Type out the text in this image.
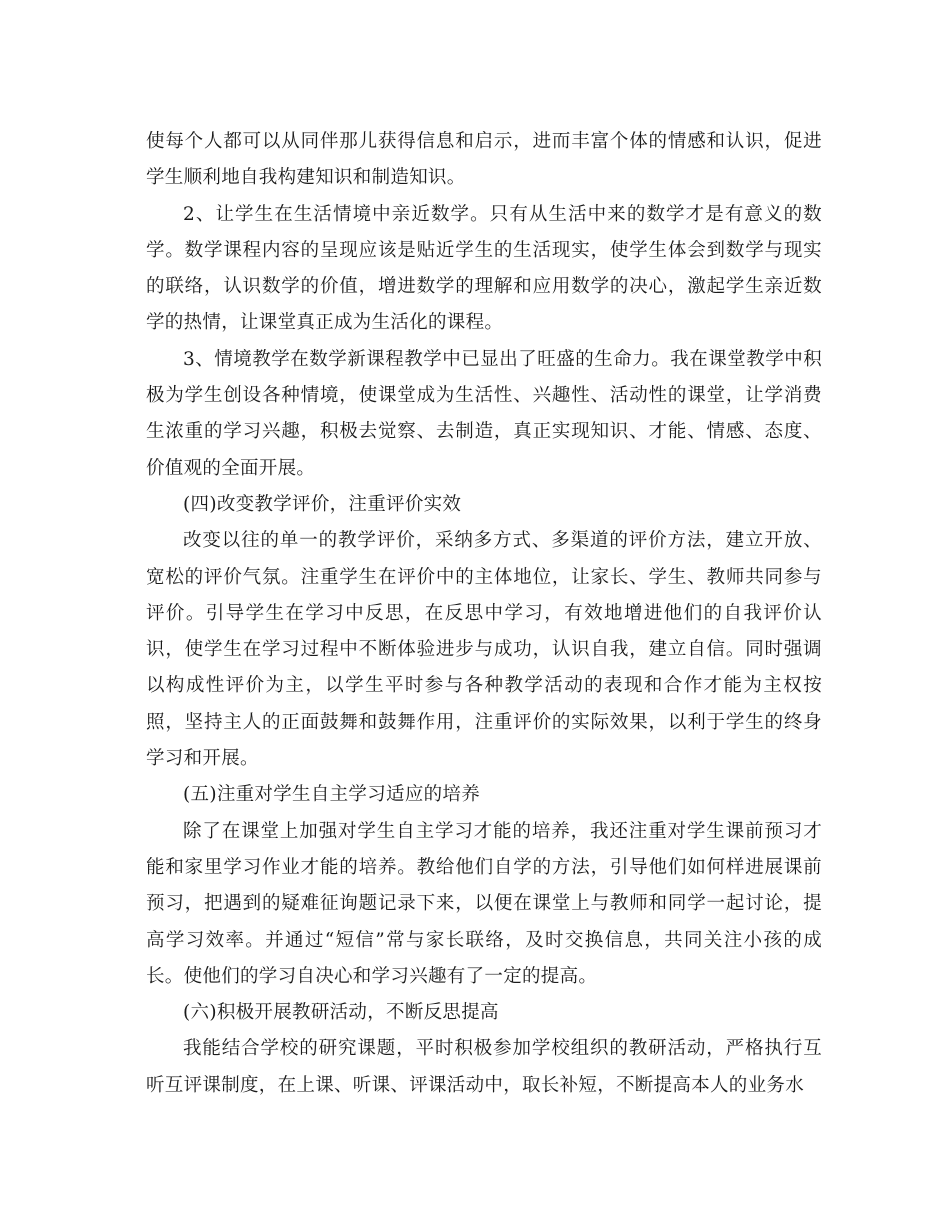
使每个人都可以从同伴那儿获得信息和启示，进而丰富个体的情感和认识，促进学生顺利地自我构建知识和制造知识。

2、让学生在生活情境中亲近数学。只有从生活中来的数学才是有意义的数学。数学课程内容的呈现应该是贴近学生的生活现实，使学生体会到数学与现实的联络，认识数学的价值，增进数学的理解和应用数学的决心，激起学生亲近数学的热情，让课堂真正成为生活化的课程。

3、情境教学在数学新课程教学中已显出了旺盛的生命力。我在课堂教学中积极为学生创设各种情境，使课堂成为生活性、兴趣性、活动性的课堂，让学消费生浓重的学习兴趣，积极去觉察、去制造，真正实现知识、才能、情感、态度、价值观的全面开展。

(四)改变教学评价，注重评价实效

改变以往的单一的教学评价，采纳多方式、多渠道的评价方法，建立开放、宽松的评价气氛。注重学生在评价中的主体地位，让家长、学生、教师共同参与评价。引导学生在学习中反思，在反思中学习，有效地增进他们的自我评价认识，使学生在学习过程中不断体验进步与成功，认识自我，建立自信。同时强调以构成性评价为主，以学生平时参与各种教学活动的表现和合作才能为主权按照，坚持主人的正面鼓舞和鼓舞作用，注重评价的实际效果，以利于学生的终身学习和开展。

(五)注重对学生自主学习适应的培养

除了在课堂上加强对学生自主学习才能的培养，我还注重对学生课前预习才能和家里学习作业才能的培养。教给他们自学的方法，引导他们如何样进展课前预习，把遇到的疑难征询题记录下来，以便在课堂上与教师和同学一起讨论，提高学习效率。并通过“短信”常与家长联络，及时交换信息，共同关注小孩的成长。使他们的学习自决心和学习兴趣有了一定的提高。

(六)积极开展教研活动，不断反思提高

我能结合学校的研究课题，平时积极参加学校组织的教研活动，严格执行互听互评课制度，在上课、听课、评课活动中，取长补短，不断提高本人的业务水
